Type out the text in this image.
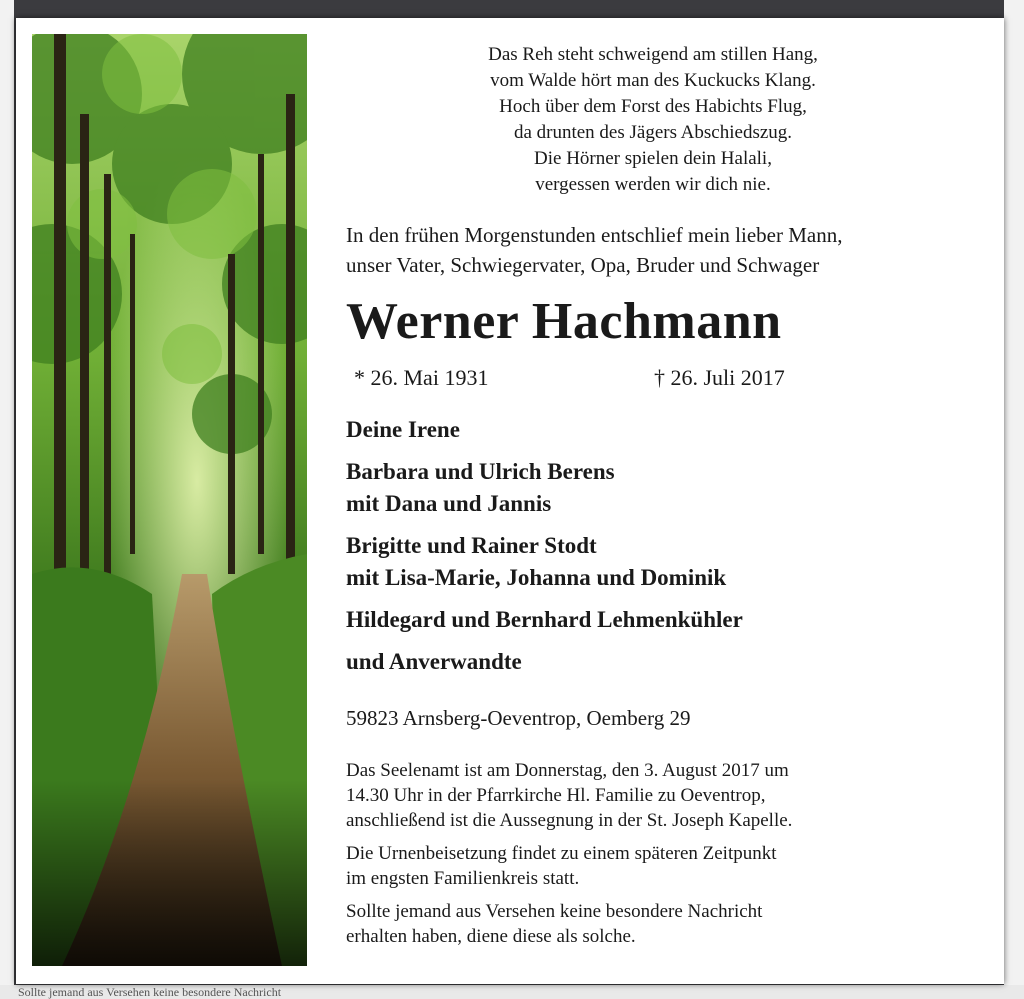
Sollte jemand aus Versehen keine besondere Nachricht
Das Reh steht schweigend am stillen Hang,
vom Walde hört man des Kuckucks Klang.
Hoch über dem Forst des Habichts Flug,
da drunten des Jägers Abschiedszug.
Die Hörner spielen dein Halali,
vergessen werden wir dich nie.
In den frühen Morgenstunden entschlief mein lieber Mann,
unser Vater, Schwiegervater, Opa, Bruder und Schwager
Werner Hachmann
* 26. Mai 1931	† 26. Juli 2017
Deine Irene
Barbara und Ulrich Berens
mit Dana und Jannis
Brigitte und Rainer Stodt
mit Lisa-Marie, Johanna und Dominik
Hildegard und Bernhard Lehmenkühler
und Anverwandte
59823 Arnsberg-Oeventrop, Oemberg 29
Das Seelenamt ist am Donnerstag, den 3. August 2017 um
14.30 Uhr in der Pfarrkirche Hl. Familie zu Oeventrop,
anschließend ist die Aussegnung in der St. Joseph Kapelle.
Die Urnenbeisetzung findet zu einem späteren Zeitpunkt
im engsten Familienkreis statt.
Sollte jemand aus Versehen keine besondere Nachricht
erhalten haben, diene diese als solche.
